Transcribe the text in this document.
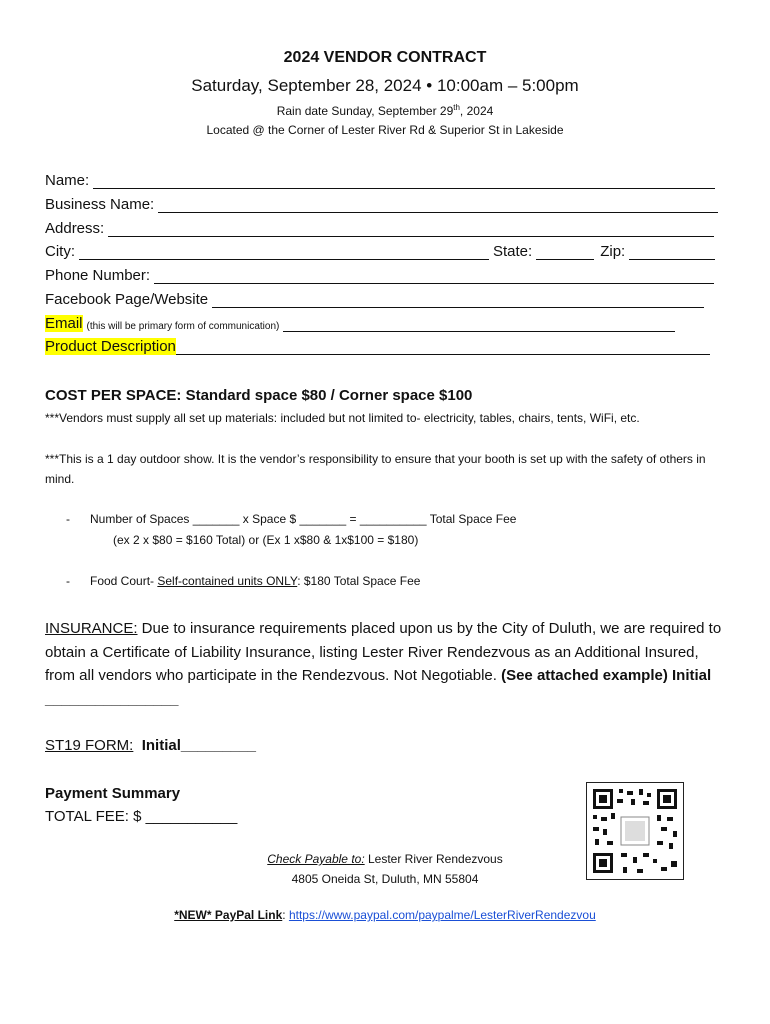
2024 VENDOR CONTRACT
Saturday, September 28, 2024 • 10:00am – 5:00pm
Rain date Sunday, September 29th, 2024
Located @ the Corner of Lester River Rd & Superior St in Lakeside
Name:
Business Name:
Address:
City:	State:	Zip:
Phone Number:
Facebook Page/Website
Email (this will be primary form of communication)
Product Description
COST PER SPACE: Standard space $80 / Corner space $100
***Vendors must supply all set up materials: included but not limited to- electricity, tables, chairs, tents, WiFi, etc.
***This is a 1 day outdoor show. It is the vendor’s responsibility to ensure that your booth is set up with the safety of others in mind.
- Number of Spaces _______ x Space $ _______ = __________ Total Space Fee
(ex 2 x $80 = $160 Total) or (Ex 1 x$80 & 1x$100 = $180)
- Food Court- Self-contained units ONLY: $180 Total Space Fee
INSURANCE: Due to insurance requirements placed upon us by the City of Duluth, we are required to obtain a Certificate of Liability Insurance, listing Lester River Rendezvous as an Additional Insured, from all vendors who participate in the Rendezvous. Not Negotiable. (See attached example) Initial ________________
ST19 FORM: Initial_________
Payment Summary
TOTAL FEE: $ ___________
Check Payable to: Lester River Rendezvous
4805 Oneida St, Duluth, MN 55804
*NEW* PayPal Link: https://www.paypal.com/paypalme/LesterRiverRendezvou
